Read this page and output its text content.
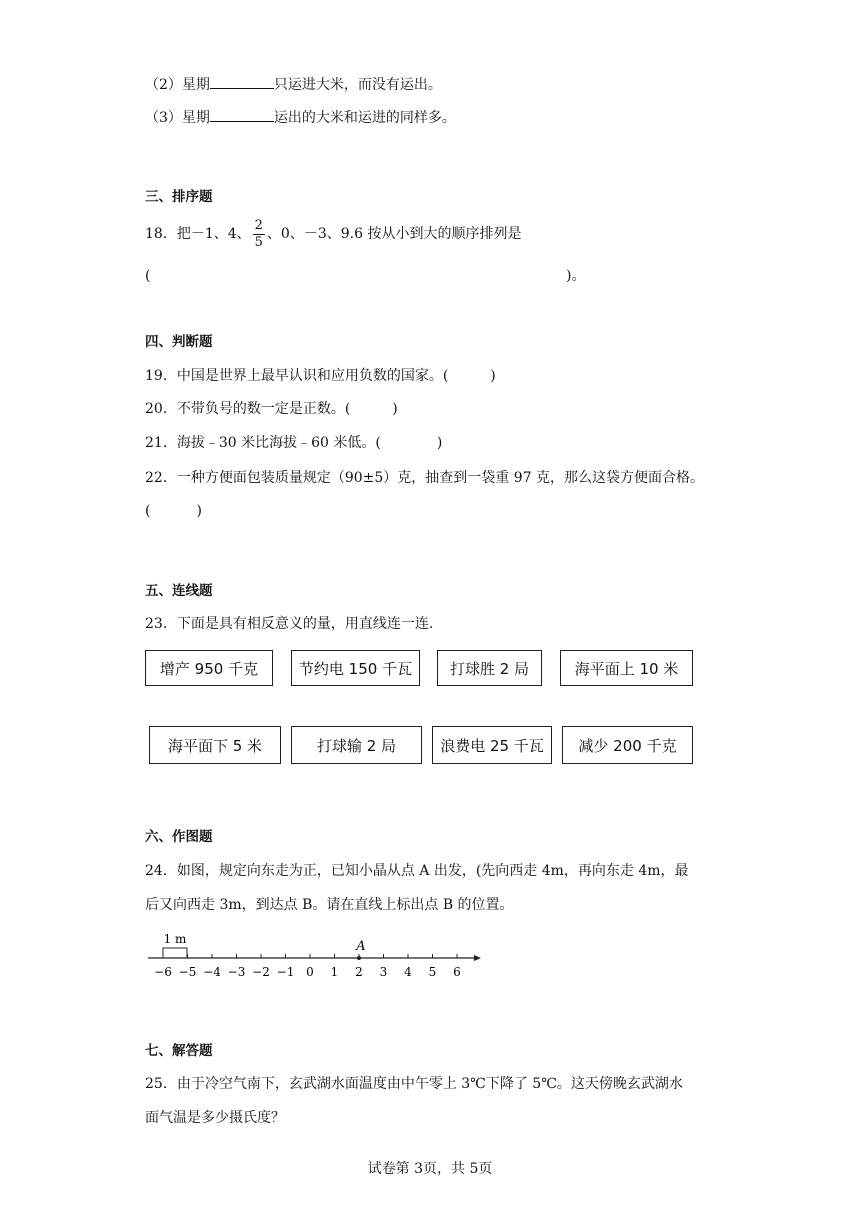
（2）星期	只运进大米，而没有运出。
（3）星期	运出的大米和运进的同样多。
三、排序题
18．把－1、4、 $\frac{2}{5}$ 、0、－3、9.6 按从小到大的顺序排列是
(	)。
四、判断题
19．中国是世界上最早认识和应用负数的国家。(	)
20．不带负号的数一定是正数。(	)
21．海拔﹣30 米比海拔﹣60 米低。(	)
22．一种方便面包装质量规定（90±5）克，抽查到一袋重 97 克，那么这袋方便面合格。
(	)
五、连线题
23．下面是具有相反意义的量，用直线连一连.
增产 950 千克	节约电 150 千瓦	打球胜 2 局	海平面上 10 米
海平面下 5 米	打球输 2 局	浪费电 25 千瓦	减少 200 千克
六、作图题
24．如图，规定向东走为正，已知小晶从点 A 出发，(先向西走 4m，再向东走 4m，最
后又向西走 3m，到达点 B。请在直线上标出点 B 的位置。
1 m
−6 −5 −4 −3 −2 −1 0 1 2 3 4 5 6
A
七、解答题
25．由于冷空气南下，玄武湖水面温度由中午零上 3℃下降了 5℃。这天傍晚玄武湖水
面气温是多少摄氏度？
试卷第 3页，共 5页
